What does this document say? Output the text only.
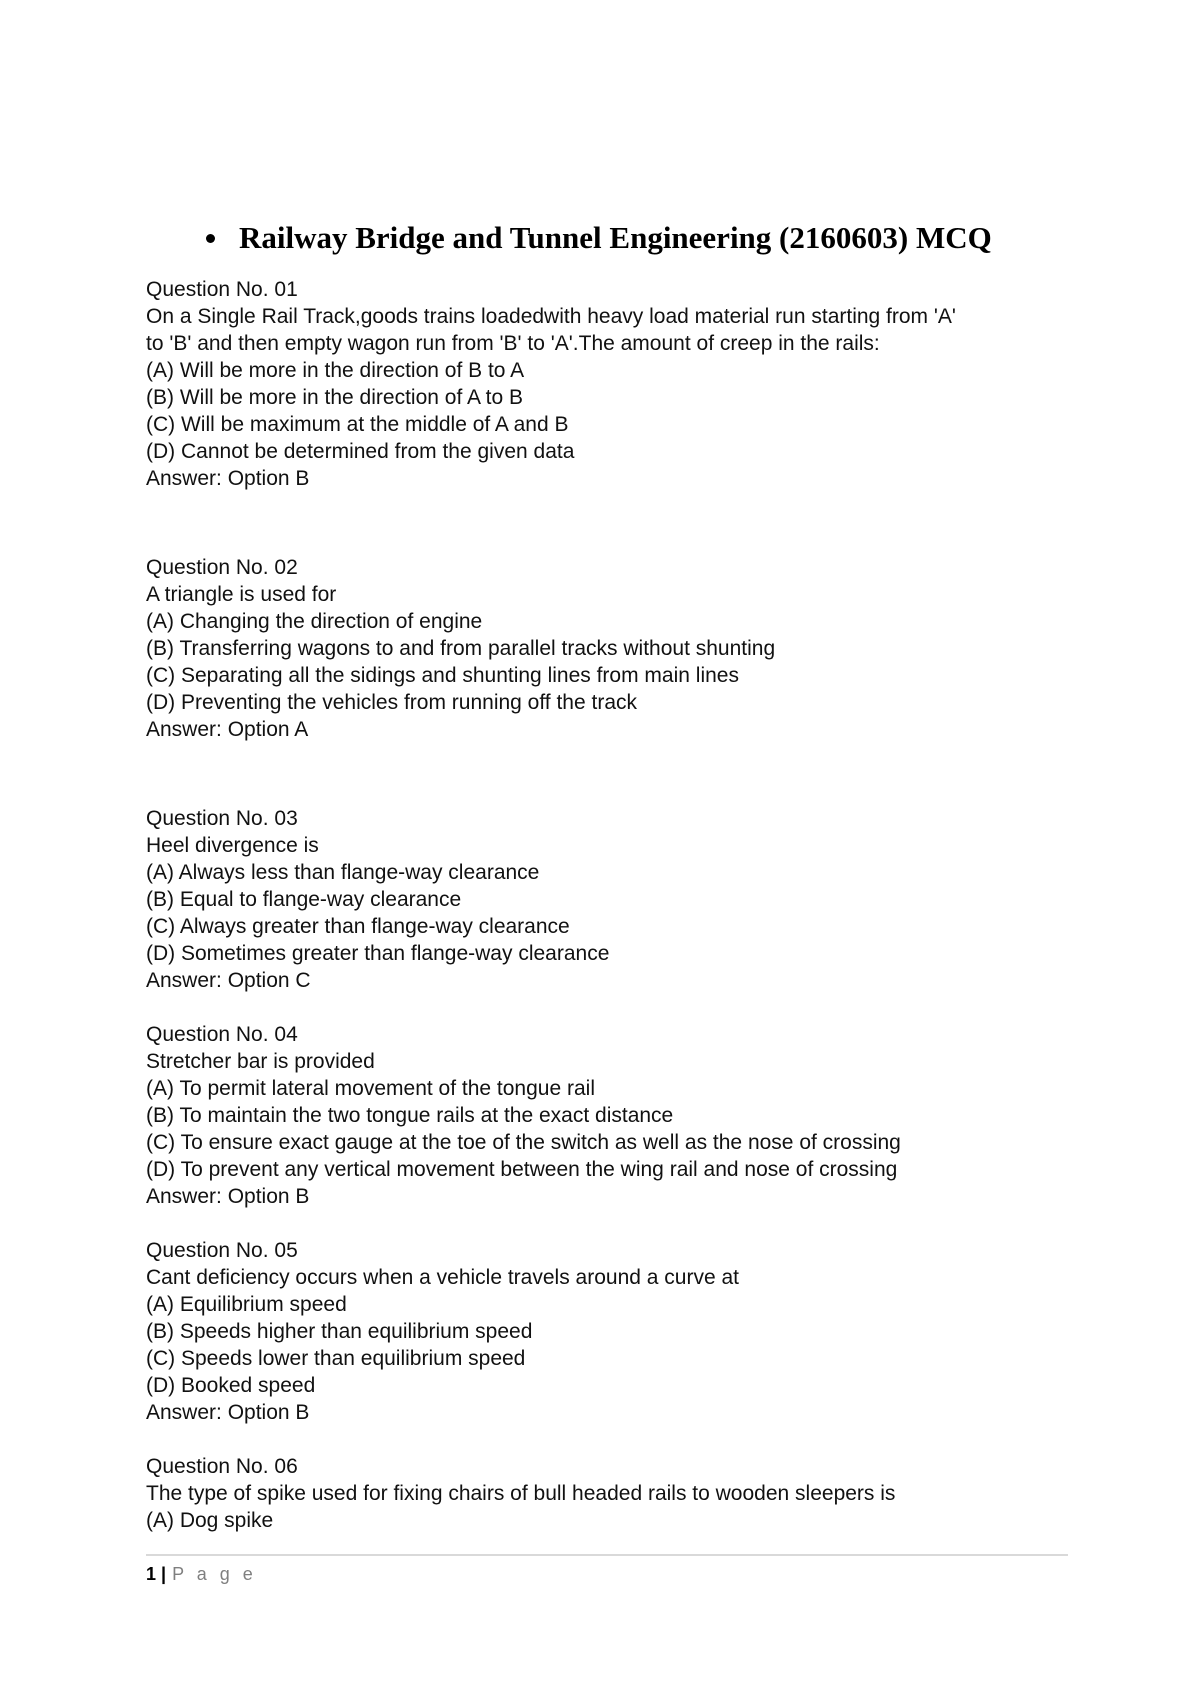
Railway Bridge and Tunnel Engineering (2160603) MCQ
Question No. 01
On a Single Rail Track,goods trains loadedwith heavy load material run starting from 'A'
to 'B' and then empty wagon run from 'B' to 'A'.The amount of creep in the rails:
(A) Will be more in the direction of B to A
(B) Will be more in the direction of A to B
(C) Will be maximum at the middle of A and B
(D) Cannot be determined from the given data
Answer: Option B
Question No. 02
A triangle is used for
(A) Changing the direction of engine
(B) Transferring wagons to and from parallel tracks without shunting
(C) Separating all the sidings and shunting lines from main lines
(D) Preventing the vehicles from running off the track
Answer: Option A
Question No. 03
Heel divergence is
(A) Always less than flange-way clearance
(B) Equal to flange-way clearance
(C) Always greater than flange-way clearance
(D) Sometimes greater than flange-way clearance
Answer: Option C
Question No. 04
Stretcher bar is provided
(A) To permit lateral movement of the tongue rail
(B) To maintain the two tongue rails at the exact distance
(C) To ensure exact gauge at the toe of the switch as well as the nose of crossing
(D) To prevent any vertical movement between the wing rail and nose of crossing
Answer: Option B
Question No. 05
Cant deficiency occurs when a vehicle travels around a curve at
(A) Equilibrium speed
(B) Speeds higher than equilibrium speed
(C) Speeds lower than equilibrium speed
(D) Booked speed
Answer: Option B
Question No. 06
The type of spike used for fixing chairs of bull headed rails to wooden sleepers is
(A) Dog spike
1 | P a g e
